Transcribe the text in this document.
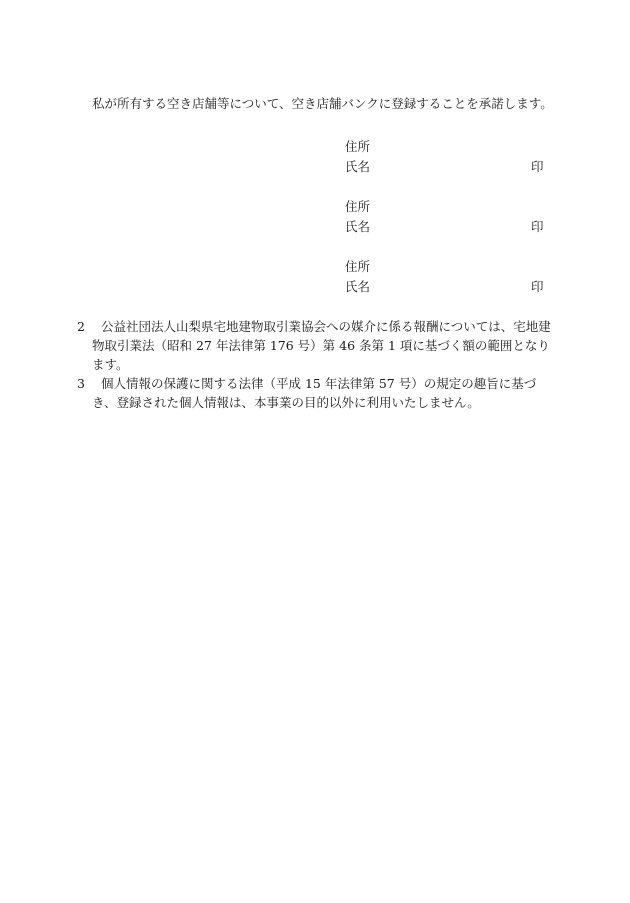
私が所有する空き店舗等について、空き店舗バンクに登録することを承諾します。
住所
氏名	印
住所
氏名	印
住所
氏名	印
2	公益社団法人山梨県宅地建物取引業協会への媒介に係る報酬については、宅地建物取引業法（昭和 27 年法律第 176 号）第 46 条第 1 項に基づく額の範囲となります。
3	個人情報の保護に関する法律（平成 15 年法律第 57 号）の規定の趣旨に基づき、登録された個人情報は、本事業の目的以外に利用いたしません。
